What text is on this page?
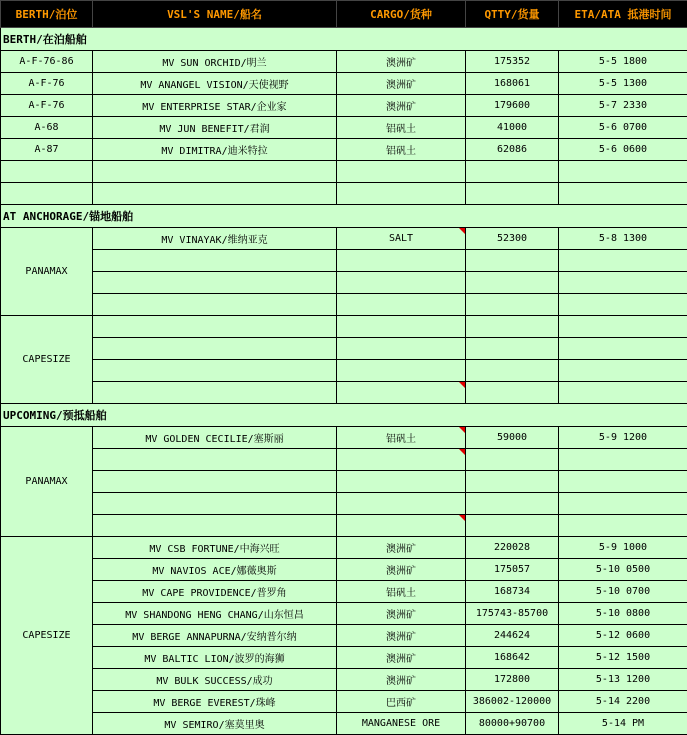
BERTH/泊位	VSL'S NAME/船名	CARGO/货种	QTTY/货量	ETA/ATA 抵港时间
BERTH/在泊船舶				
A-F-76-86	MV SUN ORCHID/明兰	澳洲矿	175352	5-5 1800
A-F-76	MV ANANGEL VISION/天使视野	澳洲矿	168061	5-5 1300
A-F-76	MV ENTERPRISE STAR/企业家	澳洲矿	179600	5-7 2330
A-68	MV JUN BENEFIT/君润	铝矾土	41000	5-6 0700
A-87	MV DIMITRA/迪米特拉	铝矾土	62086	5-6 0600

AT ANCHORAGE/锚地船舶				
PANAMAX	MV VINAYAK/维纳亚克	SALT	52300	5-8 1300

CAPESIZE				

UPCOMING/预抵船舶				
PANAMAX	MV GOLDEN CECILIE/塞斯丽	铝矾土	59000	5-9 1200

CAPESIZE	MV CSB FORTUNE/中海兴旺	澳洲矿	220028	5-9 1000
	MV NAVIOS ACE/娜薇奥斯	澳洲矿	175057	5-10 0500
	MV CAPE PROVIDENCE/普罗角	铝矾土	168734	5-10 0700
	MV SHANDONG HENG CHANG/山东恒昌	澳洲矿	175743-85700	5-10 0800
	MV BERGE ANNAPURNA/安纳普尔纳	澳洲矿	244624	5-12 0600
	MV BALTIC LION/波罗的海狮	澳洲矿	168642	5-12 1500
	MV BULK SUCCESS/成功	澳洲矿	172800	5-13 1200
	MV BERGE EVEREST/珠峰	巴西矿	386002-120000	5-14 2200
	MV SEMIRO/塞莫里奥	MANGANESE ORE	80000+90700	5-14 PM
